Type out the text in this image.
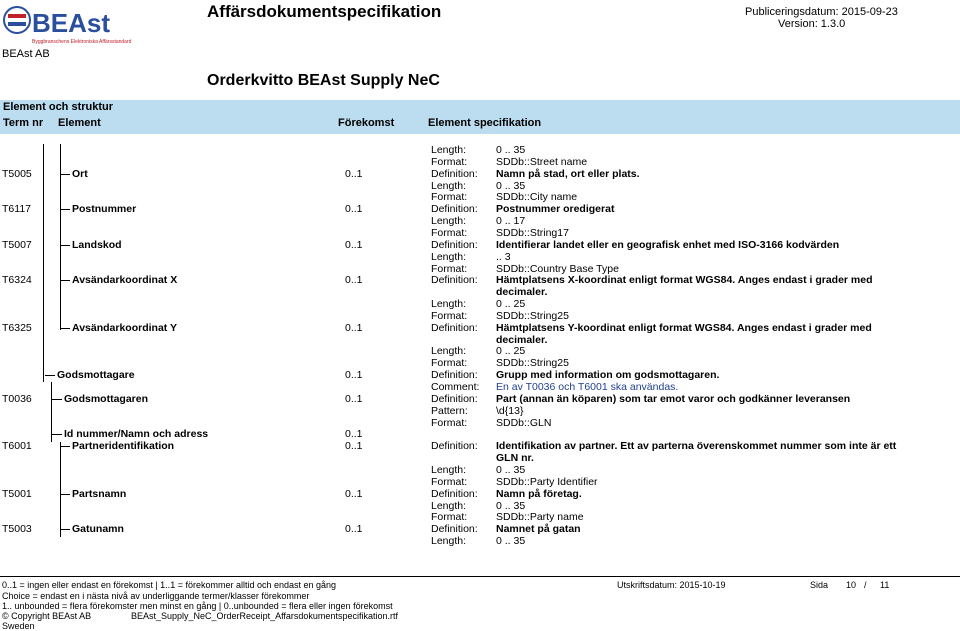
BEAst
Byggbranschens Elektroniska Affärsstandard
Affärsdokumentspecifikation	Publiceringsdatum: 2015-09-23
Version: 1.3.0
BEAst AB
Orderkvitto BEAst Supply NeC
Element och struktur
Term nr Element	Förekomst	Element specifikation
Length:	0 .. 35
Format:	SDDb::Street name
T5005	Ort	0..1	Definition: Namn på stad, ort eller plats.
Length:	0 .. 35
Format:	SDDb::City name
T6117	Postnummer	0..1	Definition: Postnummer oredigerat
Length:	0 .. 17
Format:	SDDb::String17
T5007	Landskod	0..1	Definition: Identifierar landet eller en geografisk enhet med ISO-3166 kodvärden
Length:	.. 3
Format:	SDDb::Country Base Type
T6324	Avsändarkoordinat X	0..1	Definition: Hämtplatsens X-koordinat enligt format WGS84. Anges endast i grader med
decimaler.
Length:	0 .. 25
Format:	SDDb::String25
T6325	Avsändarkoordinat Y	0..1	Definition: Hämtplatsens Y-koordinat enligt format WGS84. Anges endast i grader med
decimaler.
Length:	0 .. 25
Format:	SDDb::String25
Godsmottagare	0..1	Definition: Grupp med information om godsmottagaren.
Comment: En av T0036 och T6001 ska användas.
T0036	Godsmottagaren	0..1	Definition: Part (annan än köparen) som tar emot varor och godkänner leveransen
Pattern:	\d{13}
Format:	SDDb::GLN
Id nummer/Namn och adress	0..1
T6001	Partneridentifikation	0..1	Definition: Identifikation av partner. Ett av parterna överenskommet nummer som inte är ett
GLN nr.
Length:	0 .. 35
Format:	SDDb::Party Identifier
T5001	Partsnamn	0..1	Definition: Namn på företag.
Length:	0 .. 35
Format:	SDDb::Party name
T5003	Gatunamn	0..1	Definition: Namnet på gatan
Length:	0 .. 35
0..1 = ingen eller endast en förekomst | 1..1 = förekommer alltid och endast en gång
Choice = endast en i nästa nivå av underliggande termer/klasser förekommer
1.. unbounded = flera förekomster men minst en gång | 0..unbounded = flera eller ingen förekomst
© Copyright BEAst AB	BEAst_Supply_NeC_OrderReceipt_Affarsdokumentspecifikation.rtf
Sweden
Utskriftsdatum: 2015-10-19	Sida 10 / 11
